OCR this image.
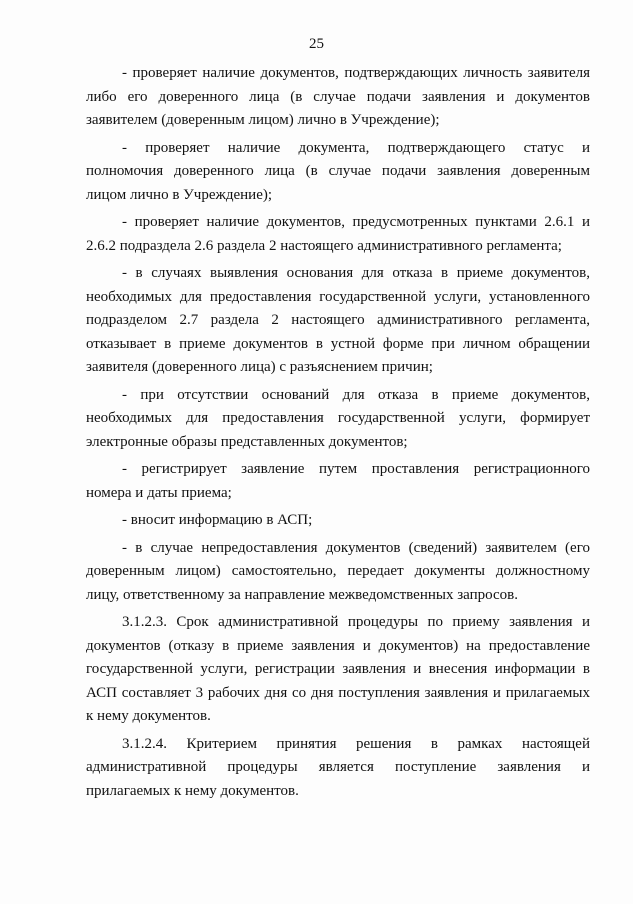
25
- проверяет наличие документов, подтверждающих личность заявителя
либо его доверенного лица (в случае подачи заявления и документов
заявителем (доверенным лицом) лично в Учреждение);
- проверяет наличие документа, подтверждающего статус и
полномочия доверенного лица (в случае подачи заявления доверенным
лицом лично в Учреждение);
- проверяет наличие документов, предусмотренных пунктами 2.6.1 и
2.6.2 подраздела 2.6 раздела 2 настоящего административного регламента;
- в случаях выявления основания для отказа в приеме документов,
необходимых для предоставления государственной услуги, установленного
подразделом 2.7 раздела 2 настоящего административного регламента,
отказывает в приеме документов в устной форме при личном обращении
заявителя (доверенного лица) с разъяснением причин;
- при отсутствии оснований для отказа в приеме документов,
необходимых для предоставления государственной услуги, формирует
электронные образы представленных документов;
- регистрирует заявление путем проставления регистрационного
номера и даты приема;
- вносит информацию в АСП;
- в случае непредоставления документов (сведений) заявителем (его
доверенным лицом) самостоятельно, передает документы должностному
лицу, ответственному за направление межведомственных запросов.
3.1.2.3. Срок административной процедуры по приему заявления и
документов (отказу в приеме заявления и документов) на предоставление
государственной услуги, регистрации заявления и внесения информации в
АСП составляет 3 рабочих дня со дня поступления заявления и прилагаемых
к нему документов.
3.1.2.4. Критерием принятия решения в рамках настоящей
административной процедуры является поступление заявления и
прилагаемых к нему документов.
